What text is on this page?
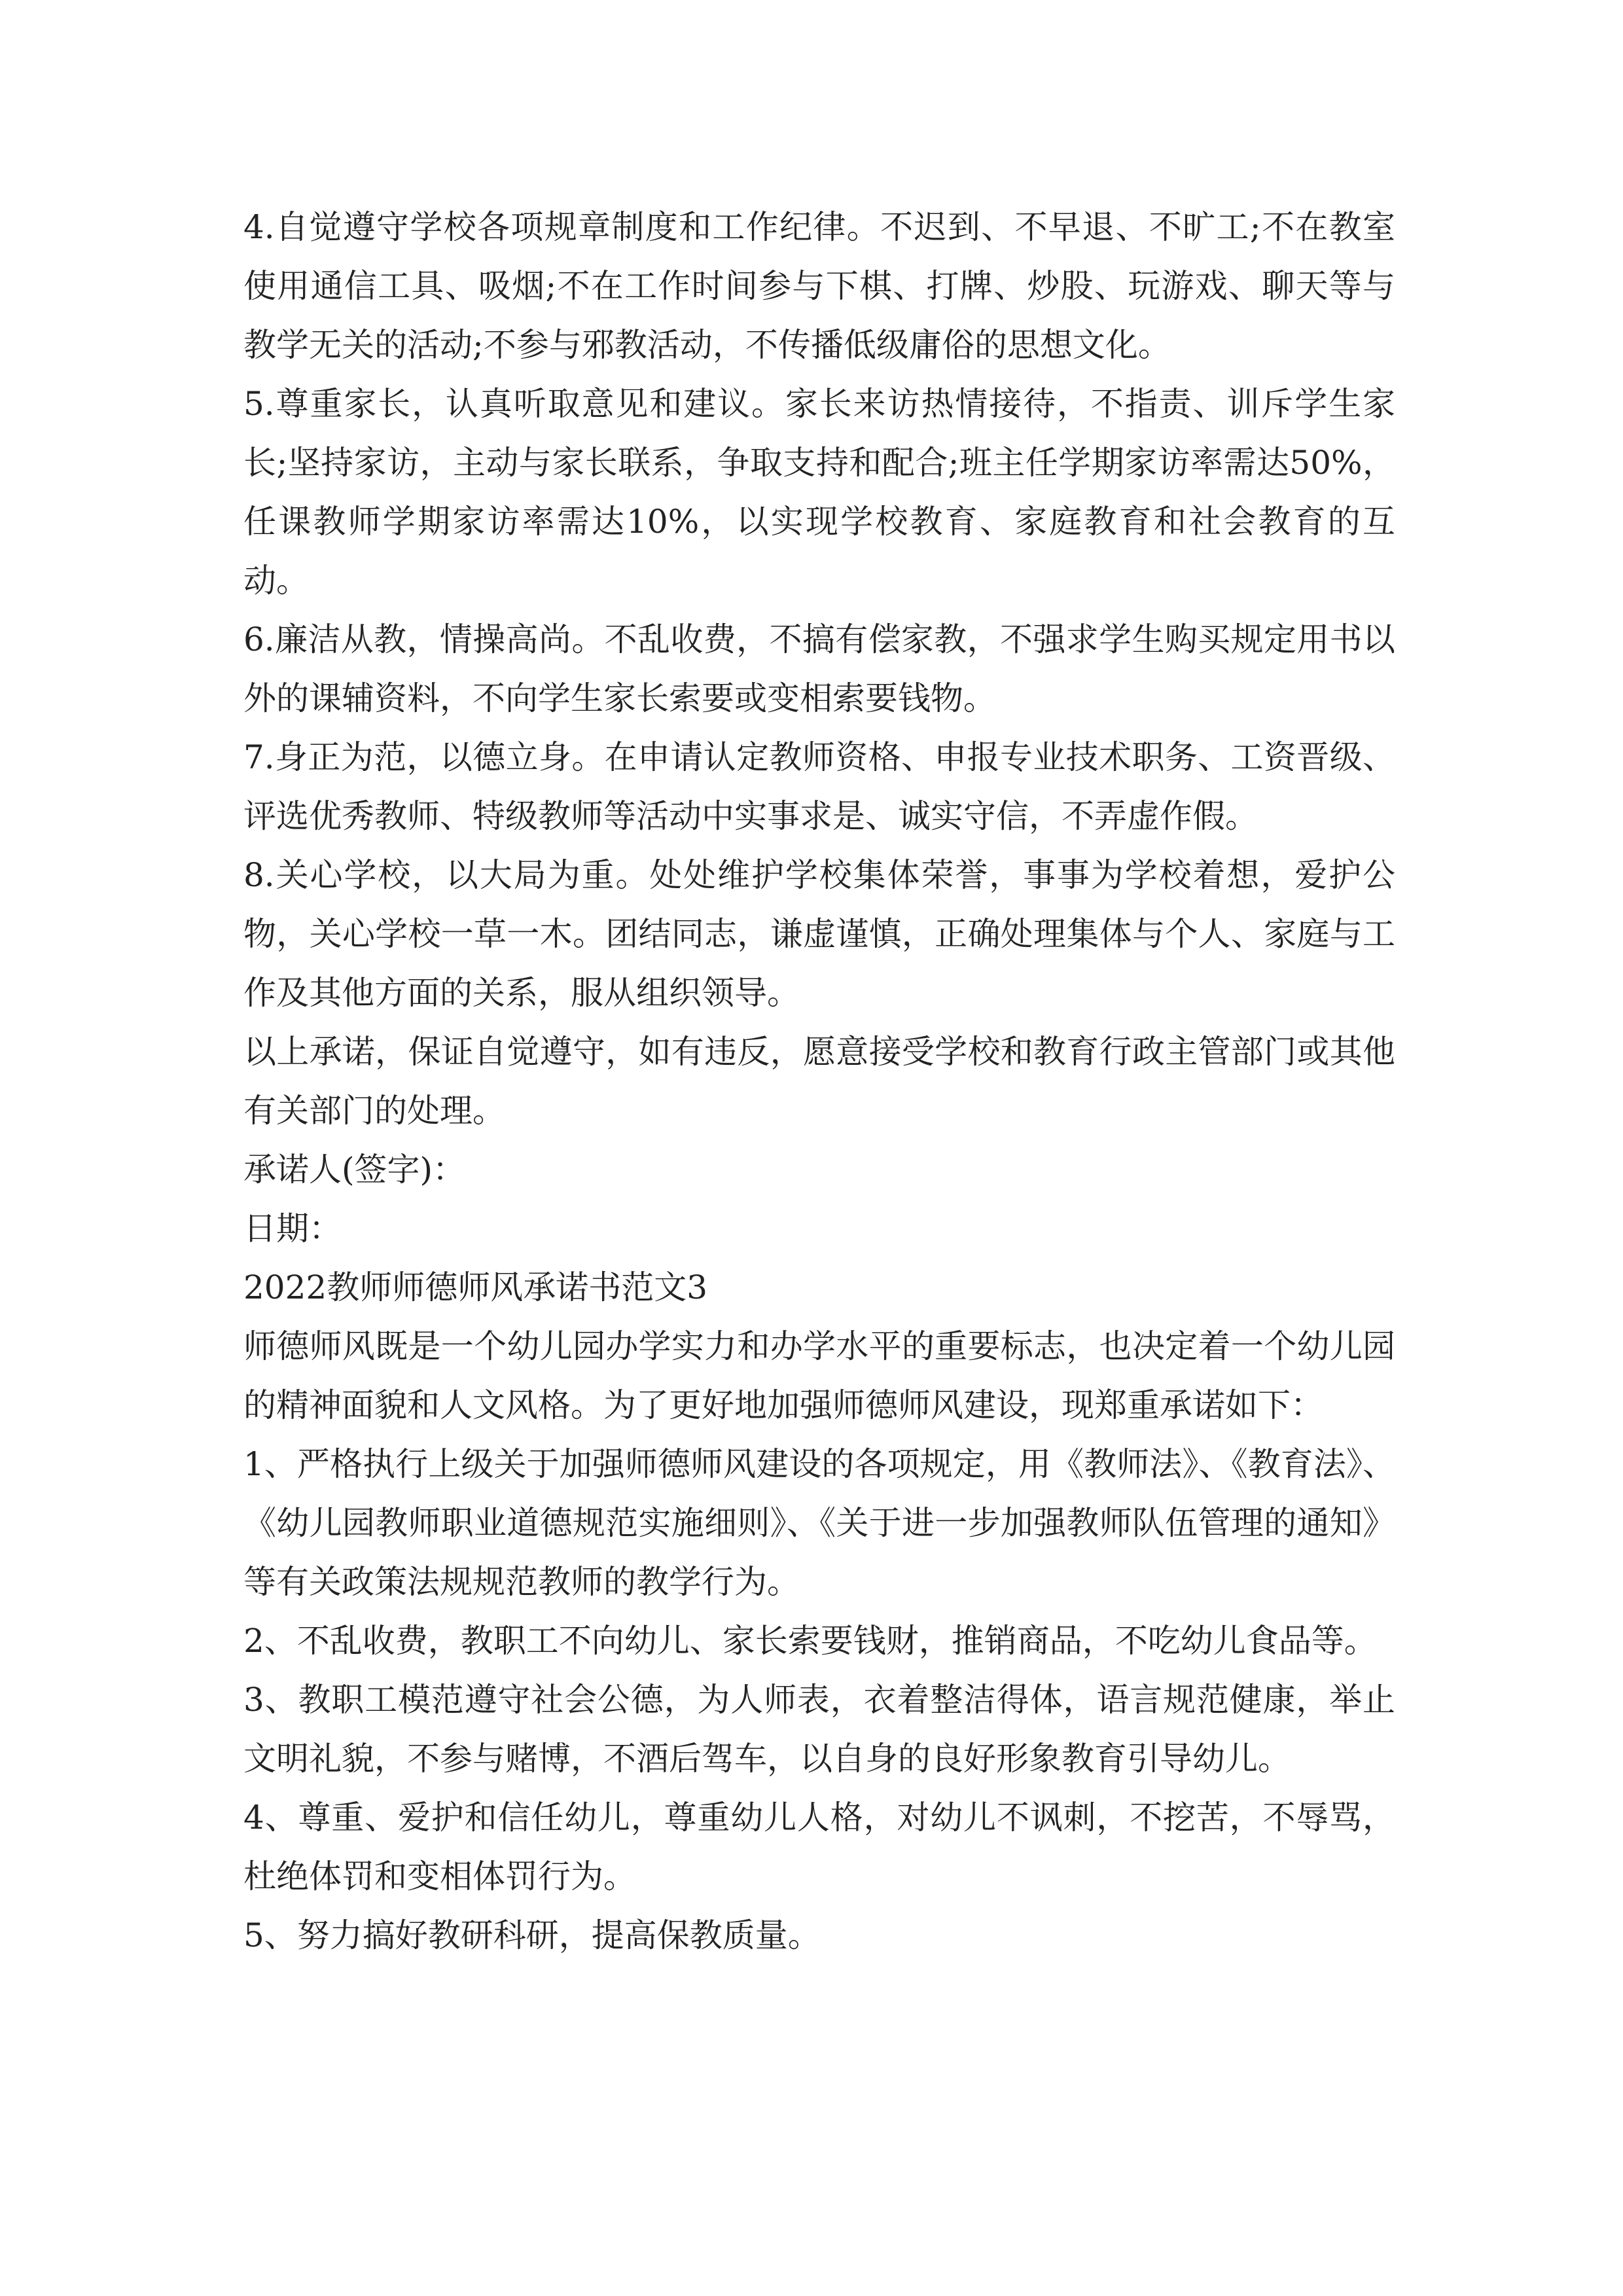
4.自觉遵守学校各项规章制度和工作纪律。不迟到、不早退、不旷工;不在教室使用通信工具、吸烟;不在工作时间参与下棋、打牌、炒股、玩游戏、聊天等与教学无关的活动;不参与邪教活动，不传播低级庸俗的思想文化。

5.尊重家长，认真听取意见和建议。家长来访热情接待，不指责、训斥学生家长;坚持家访，主动与家长联系，争取支持和配合;班主任学期家访率需达50%，任课教师学期家访率需达10%，以实现学校教育、家庭教育和社会教育的互动。

6.廉洁从教，情操高尚。不乱收费，不搞有偿家教，不强求学生购买规定用书以外的课辅资料，不向学生家长索要或变相索要钱物。

7.身正为范，以德立身。在申请认定教师资格、申报专业技术职务、工资晋级、评选优秀教师、特级教师等活动中实事求是、诚实守信，不弄虚作假。

8.关心学校，以大局为重。处处维护学校集体荣誉，事事为学校着想，爱护公物，关心学校一草一木。团结同志，谦虚谨慎，正确处理集体与个人、家庭与工作及其他方面的关系，服从组织领导。

以上承诺，保证自觉遵守，如有违反，愿意接受学校和教育行政主管部门或其他有关部门的处理。

承诺人(签字)：

日期：

2022教师师德师风承诺书范文3

师德师风既是一个幼儿园办学实力和办学水平的重要标志，也决定着一个幼儿园的精神面貌和人文风格。为了更好地加强师德师风建设，现郑重承诺如下：

1、严格执行上级关于加强师德师风建设的各项规定，用《教师法》、《教育法》、《幼儿园教师职业道德规范实施细则》、《关于进一步加强教师队伍管理的通知》等有关政策法规规范教师的教学行为。

2、不乱收费，教职工不向幼儿、家长索要钱财，推销商品，不吃幼儿食品等。

3、教职工模范遵守社会公德，为人师表，衣着整洁得体，语言规范健康，举止文明礼貌，不参与赌博，不酒后驾车，以自身的良好形象教育引导幼儿。

4、尊重、爱护和信任幼儿，尊重幼儿人格，对幼儿不讽刺，不挖苦，不辱骂，杜绝体罚和变相体罚行为。

5、努力搞好教研科研，提高保教质量。
